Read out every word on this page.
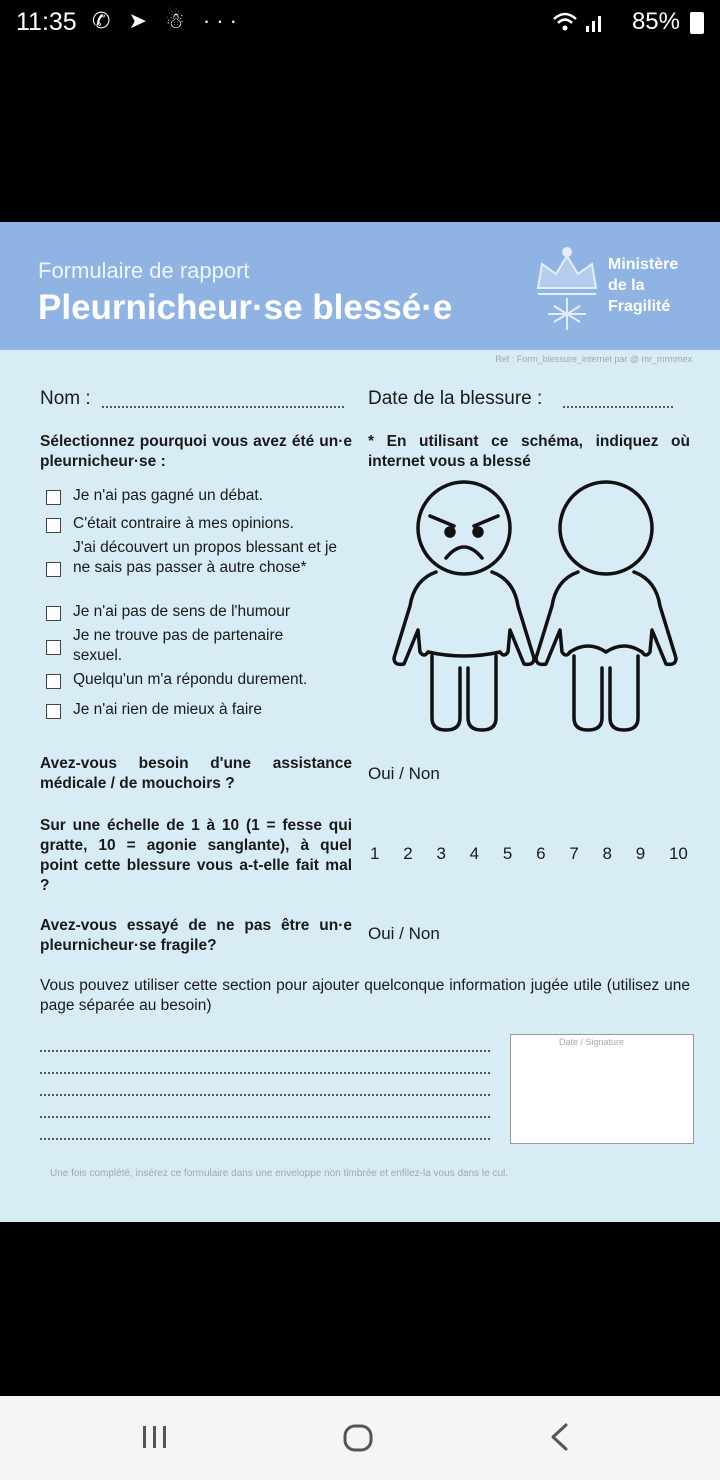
11:35 ✆ ➤ ☃ ···	85%
Formulaire de rapport
Pleurnicheur·se blessé·e
Ministère
de la
Fragilité
Ref : Form_blessure_internet par @ mr_mrmmex
Nom :	Date de la blessure :
Sélectionnez pourquoi vous avez été un·e pleurnicheur·se :
* En utilisant ce schéma, indiquez où internet vous a blessé
Je n'ai pas gagné un débat.
C'était contraire à mes opinions.
J'ai découvert un propos blessant et je ne sais pas passer à autre chose*
Je n'ai pas de sens de l'humour
Je ne trouve pas de partenaire sexuel.
Quelqu'un m'a répondu durement.
Je n'ai rien de mieux à faire
Avez-vous besoin d'une assistance médicale / de mouchoirs ?
Oui / Non
Sur une échelle de 1 à 10 (1 = fesse qui gratte, 10 = agonie sanglante), à quel point cette blessure vous a-t-elle fait mal ?
1 2 3 4 5 6 7 8 9 10
Avez-vous essayé de ne pas être un·e pleurnicheur·se fragile?
Oui / Non
Vous pouvez utiliser cette section pour ajouter quelconque information jugée utile (utilisez une page séparée au besoin)
Date / Signature
Une fois complété, insérez ce formulaire dans une enveloppe non timbrée et enfilez-la vous dans le cul.
